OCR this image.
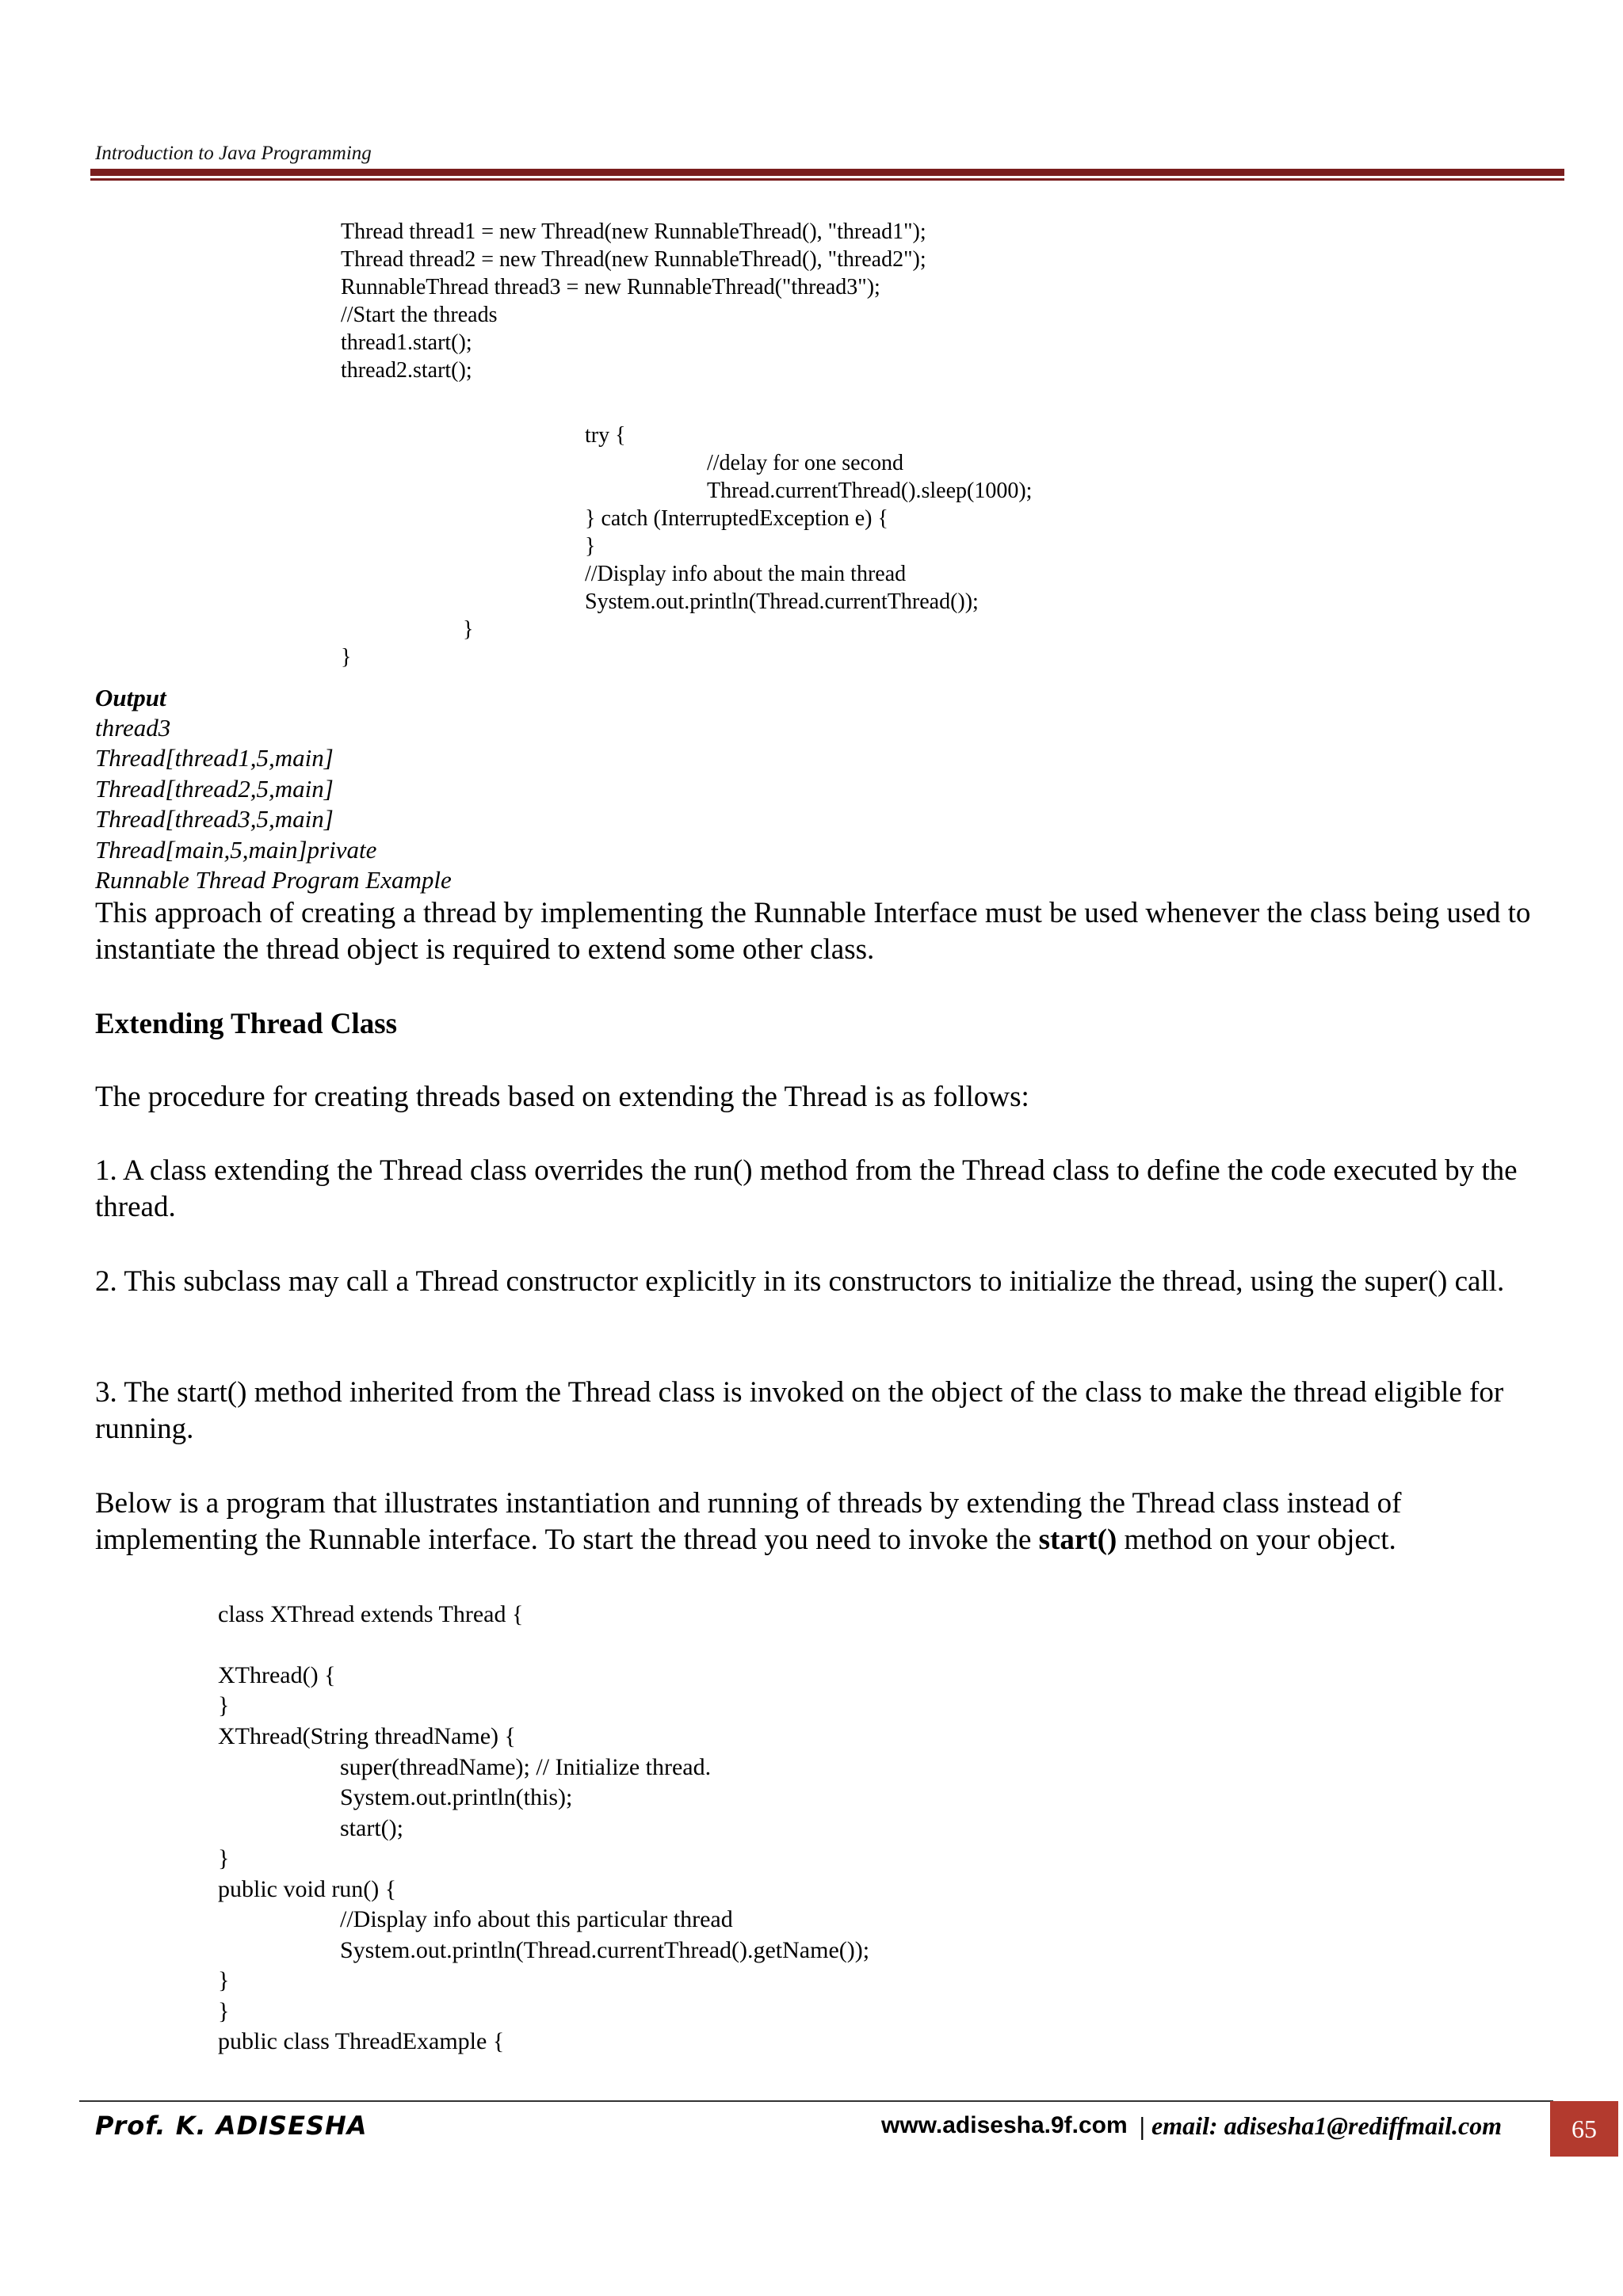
Introduction to Java Programming
Thread thread1 = new Thread(new RunnableThread(), "thread1");
Thread thread2 = new Thread(new RunnableThread(), "thread2");
RunnableThread thread3 = new RunnableThread("thread3");
//Start the threads
thread1.start();
thread2.start();
try {
//delay for one second
Thread.currentThread().sleep(1000);
} catch (InterruptedException e) {
}
//Display info about the main thread
System.out.println(Thread.currentThread());
}
}
Output
thread3
Thread[thread1,5,main]
Thread[thread2,5,main]
Thread[thread3,5,main]
Thread[main,5,main]private
Runnable Thread Program Example
This approach of creating a thread by implementing the Runnable Interface must be used whenever the class being used to instantiate the thread object is required to extend some other class.
Extending Thread Class
The procedure for creating threads based on extending the Thread is as follows:
1. A class extending the Thread class overrides the run() method from the Thread class to define the code executed by the thread.
2. This subclass may call a Thread constructor explicitly in its constructors to initialize the thread, using the super() call.
3. The start() method inherited from the Thread class is invoked on the object of the class to make the thread eligible for running.
Below is a program that illustrates instantiation and running of threads by extending the Thread class instead of implementing the Runnable interface. To start the thread you need to invoke the start() method on your object.
class XThread extends Thread {
XThread() {
}
XThread(String threadName) {
super(threadName); // Initialize thread.
System.out.println(this);
start();
}
public void run() {
//Display info about this particular thread
System.out.println(Thread.currentThread().getName());
}
}
public class ThreadExample {
Prof. K. ADISESHA	www.adisesha.9f.com | email: adisesha1@rediffmail.com	65
